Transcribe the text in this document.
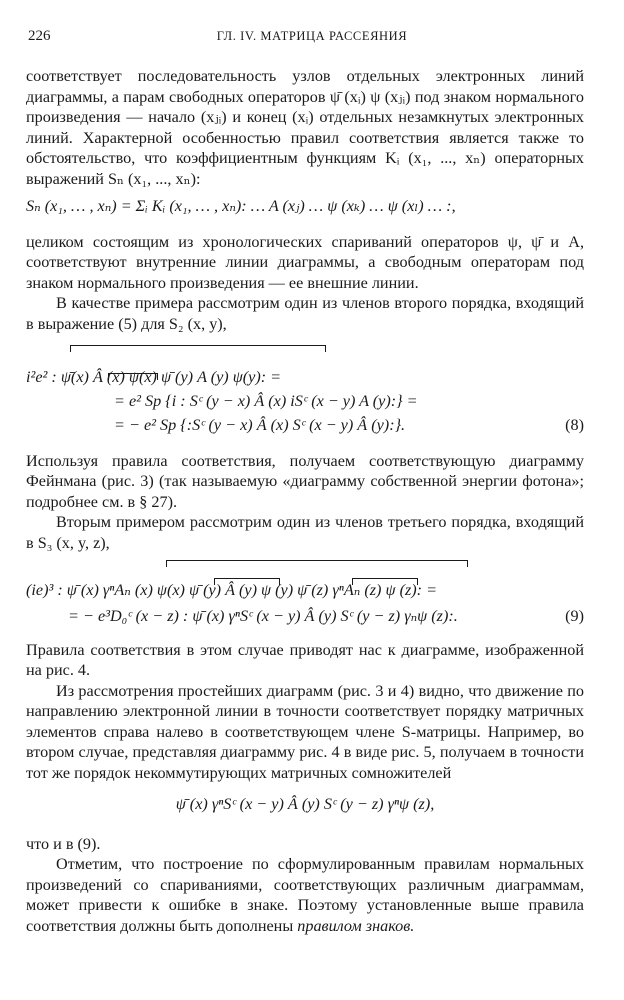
226	ГЛ. IV. МАТРИЦА РАССЕЯНИЯ

соответствует последовательность узлов отдельных электронных линий диаграммы, а парам свободных операторов ψ̄ (xᵢ) ψ (xⱼᵢ) под знаком нормального произведения — начало (xⱼᵢ) и конец (xᵢ) отдельных незамкнутых электронных линий. Характерной особенностью правил соответствия является также то обстоятельство, что коэффициентным функциям Kᵢ (x₁, ..., xₙ) операторных выражений Sₙ (x₁, ..., xₙ):

Sₙ (x₁, … , xₙ) = Σᵢ Kᵢ (x₁, … , xₙ): … A (xⱼ) … ψ (xₖ) … ψ (xₗ) … :,

целиком состоящим из хронологических спариваний операторов ψ, ψ̄ и A, соответствуют внутренние линии диаграммы, а свободным операторам под знаком нормального произведения — ее внешние линии.

В качестве примера рассмотрим один из членов второго порядка, входящий в выражение (5) для S₂ (x, y),

i²e² : ψ̄(x) Â (x) ψ(x) ψ̄ (y) A (y) ψ(y): =
= e² Sp {i : Sᶜ (y − x) Â (x) iSᶜ (x − y) A (y):} =
= − e² Sp {:Sᶜ (y − x) Â (x) Sᶜ (x − y) Â (y):}.	(8)

Используя правила соответствия, получаем соответствующую диаграмму Фейнмана (рис. 3) (так называемую «диаграмму собственной энергии фотона»; подробнее см. в § 27).

Вторым примером рассмотрим один из членов третьего порядка, входящий в S₃ (x, y, z),

(ie)³ : ψ̄ (x) γⁿAₙ (x) ψ(x) ψ̄ (y) Â (y) ψ (y) ψ̄ (z) γⁿAₙ (z) ψ (z): =
= − e³D₀ᶜ (x − z) : ψ̄ (x) γⁿSᶜ (x − y) Â (y) Sᶜ (y − z) γₙψ (z):.	(9)

Правила соответствия в этом случае приводят нас к диаграмме, изображенной на рис. 4.

Из рассмотрения простейших диаграмм (рис. 3 и 4) видно, что движение по направлению электронной линии в точности соответствует порядку матричных элементов справа налево в соответствующем члене S-матрицы. Например, во втором случае, представляя диаграмму рис. 4 в виде рис. 5, получаем в точности тот же порядок некоммутирующих матричных сомножителей

ψ̄ (x) γⁿSᶜ (x − y) Â (y) Sᶜ (y − z) γⁿψ (z),

что и в (9).

Отметим, что построение по сформулированным правилам нормальных произведений со спариваниями, соответствующих различным диаграммам, может привести к ошибке в знаке. Поэтому установленные выше правила соответствия должны быть дополнены правилом знаков.
